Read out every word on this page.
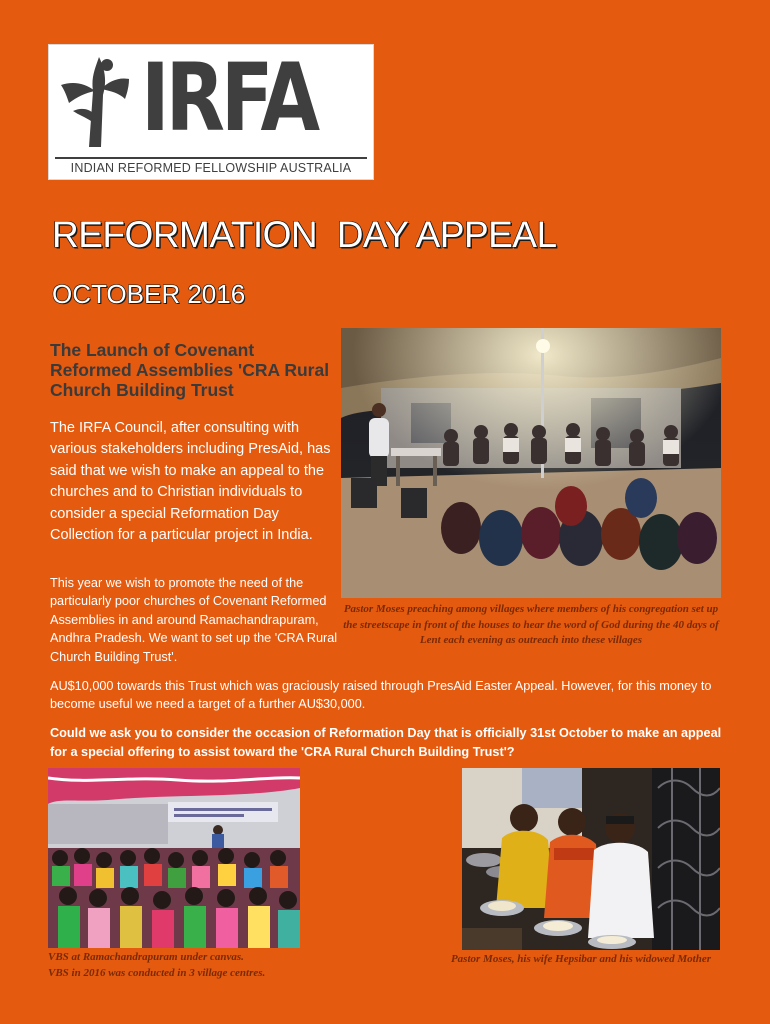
IRFA
INDIAN REFORMED FELLOWSHIP AUSTRALIA
REFORMATION  DAY APPEAL
OCTOBER 2016
The Launch of Covenant Reformed Assemblies 'CRA Rural Church Building Trust
The IRFA Council, after consulting with various stakeholders including PresAid, has said that we wish to make an appeal to the churches and to Christian individuals to consider a special Reformation Day Collection for a particular project in India.
This year we wish to promote the need of the particularly poor churches of Covenant Reformed Assemblies in and around Ramachandrapuram, Andhra Pradesh. We want to set up the 'CRA Rural Church Building Trust'.
AU$10,000 towards this Trust which was graciously raised through PresAid Easter Appeal. However, for this money to become useful we need a target of a further AU$30,000.
Could we ask you to consider the occasion of Reformation Day that is officially 31st October to make an appeal for a special offering to assist toward the 'CRA Rural Church Building Trust'?
Pastor Moses preaching among villages where members of his congregation set up the streetscape in front of the houses to hear the word of God during the 40 days of Lent each evening as outreach into these villages
VBS at Ramachandrapuram under canvas.
VBS in 2016 was conducted in 3 village centres.
Pastor Moses, his wife Hepsibar and his widowed Mother
